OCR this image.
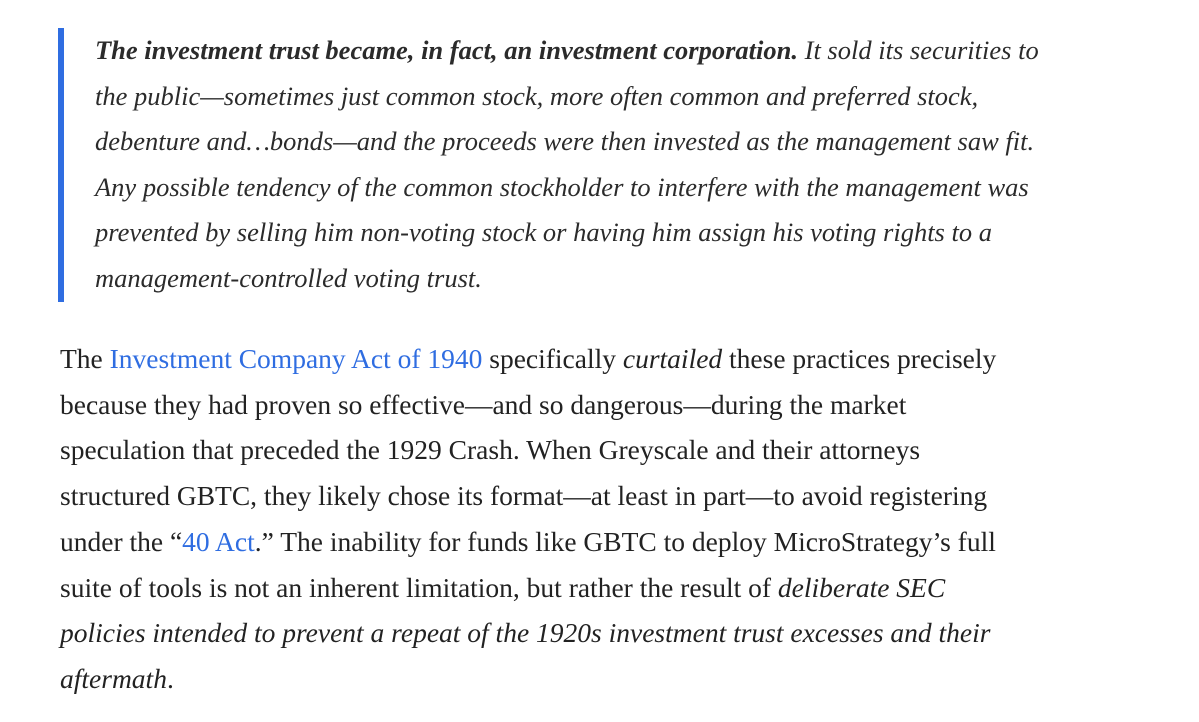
The investment trust became, in fact, an investment corporation. It sold its securities to
the public—sometimes just common stock, more often common and preferred stock,
debenture and…bonds—and the proceeds were then invested as the management saw fit.
Any possible tendency of the common stockholder to interfere with the management was
prevented by selling him non-voting stock or having him assign his voting rights to a
management-controlled voting trust.

The Investment Company Act of 1940 specifically curtailed these practices precisely
because they had proven so effective—and so dangerous—during the market
speculation that preceded the 1929 Crash. When Greyscale and their attorneys
structured GBTC, they likely chose its format—at least in part—to avoid registering
under the “40 Act.” The inability for funds like GBTC to deploy MicroStrategy’s full
suite of tools is not an inherent limitation, but rather the result of deliberate SEC
policies intended to prevent a repeat of the 1920s investment trust excesses and their
aftermath.
